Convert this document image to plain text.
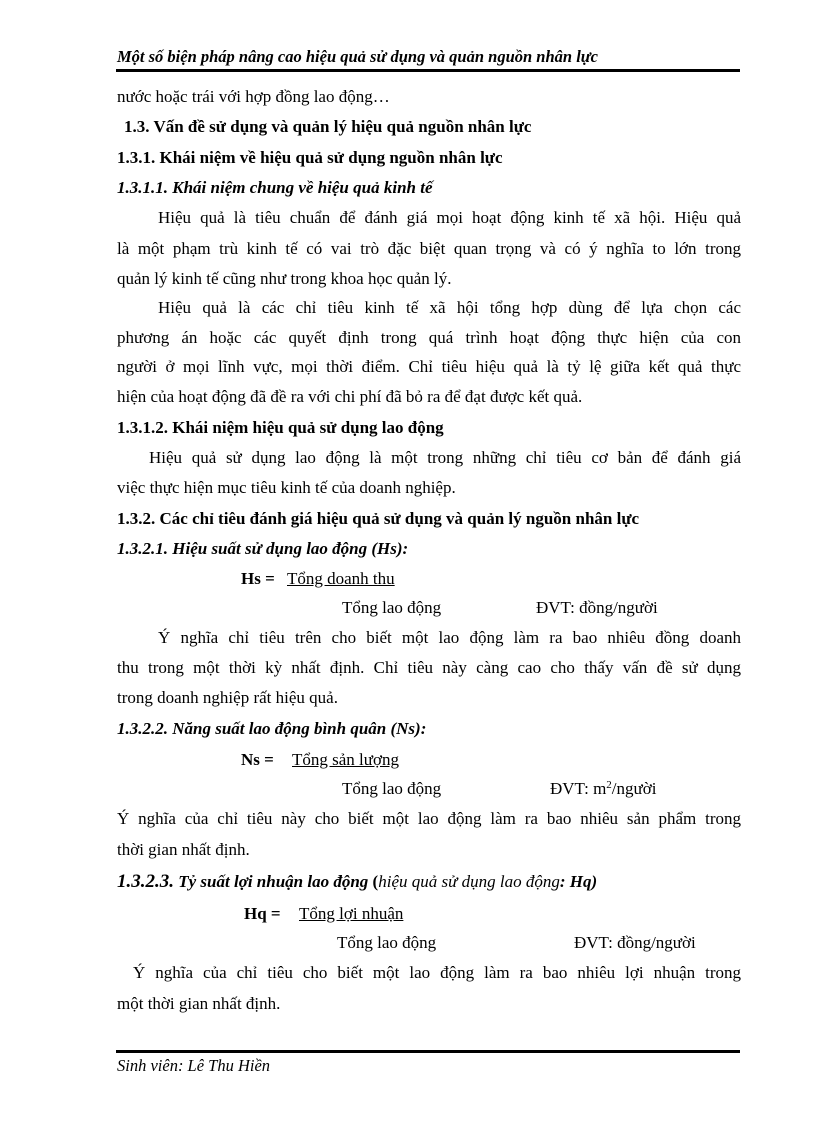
Một số biện pháp nâng cao hiệu quả sử dụng và quản nguồn nhân lực
nước hoặc trái với hợp đồng lao động…
1.3. Vấn đề sử dụng và quản lý hiệu quả nguồn nhân lực
1.3.1. Khái niệm về hiệu quả sử dụng nguồn nhân lực
1.3.1.1. Khái niệm chung về hiệu quả kinh tế
Hiệu quả là tiêu chuẩn để đánh giá mọi hoạt động kinh tế xã hội. Hiệu quả
là một phạm trù kinh tế có vai trò đặc biệt quan trọng và có ý nghĩa to lớn trong
quản lý kinh tế cũng như trong khoa học quản lý.
Hiệu quả là các chỉ tiêu kinh tế xã hội tổng hợp dùng để lựa chọn các
phương án hoặc các quyết định trong quá trình hoạt động thực hiện của con
người ở mọi lĩnh vực, mọi thời điểm. Chỉ tiêu hiệu quả là tỷ lệ giữa kết quả thực
hiện của hoạt động đã đề ra với chi phí đã bỏ ra để đạt được kết quả.
1.3.1.2. Khái niệm hiệu quả sử dụng lao động
Hiệu quả sử dụng lao động là một trong những chỉ tiêu cơ bản để đánh giá
việc thực hiện mục tiêu kinh tế của doanh nghiệp.
1.3.2. Các chỉ tiêu đánh giá hiệu quả sử dụng và quản lý nguồn nhân lực
1.3.2.1. Hiệu suất sử dụng lao động (Hs):
Hs = Tổng doanh thu
Tổng lao động	ĐVT: đồng/người
Ý nghĩa chỉ tiêu trên cho biết một lao động làm ra bao nhiêu đồng doanh
thu trong một thời kỳ nhất định. Chỉ tiêu này càng cao cho thấy vấn đề sử dụng
trong doanh nghiệp rất hiệu quả.
1.3.2.2. Năng suất lao động bình quân (Ns):
Ns = Tổng sản lượng
Tổng lao động	ĐVT: $m^2$/người
Ý nghĩa của chỉ tiêu này cho biết một lao động làm ra bao nhiêu sản phẩm trong
thời gian nhất định.
1.3.2.3. Tỷ suất lợi nhuận lao động (hiệu quả sử dụng lao động: Hq)
Hq = Tổng lợi nhuận
Tổng lao động	ĐVT: đồng/người
Ý nghĩa của chỉ tiêu cho biết một lao động làm ra bao nhiêu lợi nhuận trong
một thời gian nhất định.
Sinh viên: Lê Thu Hiền
